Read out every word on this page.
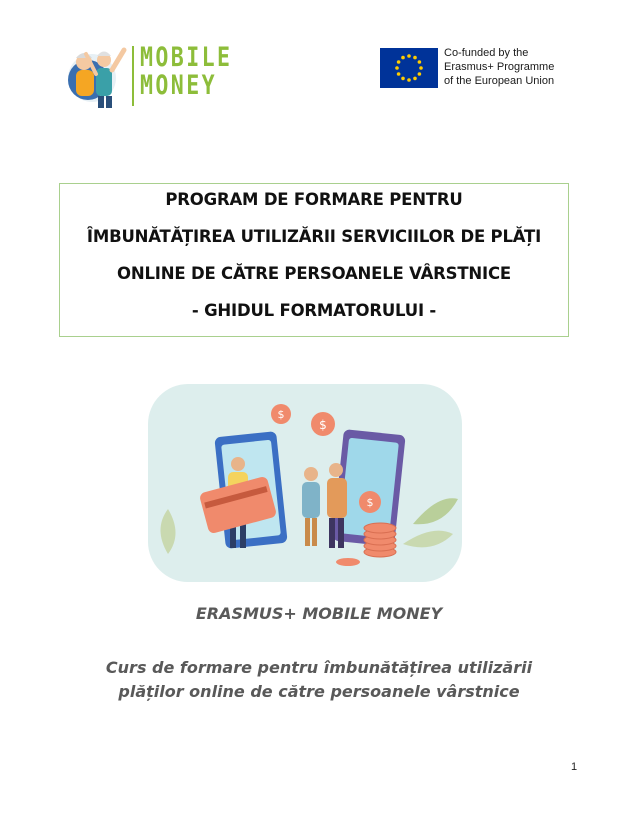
MOBILE
MONEY
Co-funded by the
Erasmus+ Programme
of the European Union
PROGRAM DE FORMARE PENTRU
ÎMBUNĂTĂȚIREA UTILIZĂRII SERVICIILOR DE PLĂȚI
ONLINE DE CĂTRE PERSOANELE VÂRSTNICE
- GHIDUL FORMATORULUI -
$
$
$
ERASMUS+ MOBILE MONEY
Curs de formare pentru îmbunătățirea utilizării
plăților online de către persoanele vârstnice
1
